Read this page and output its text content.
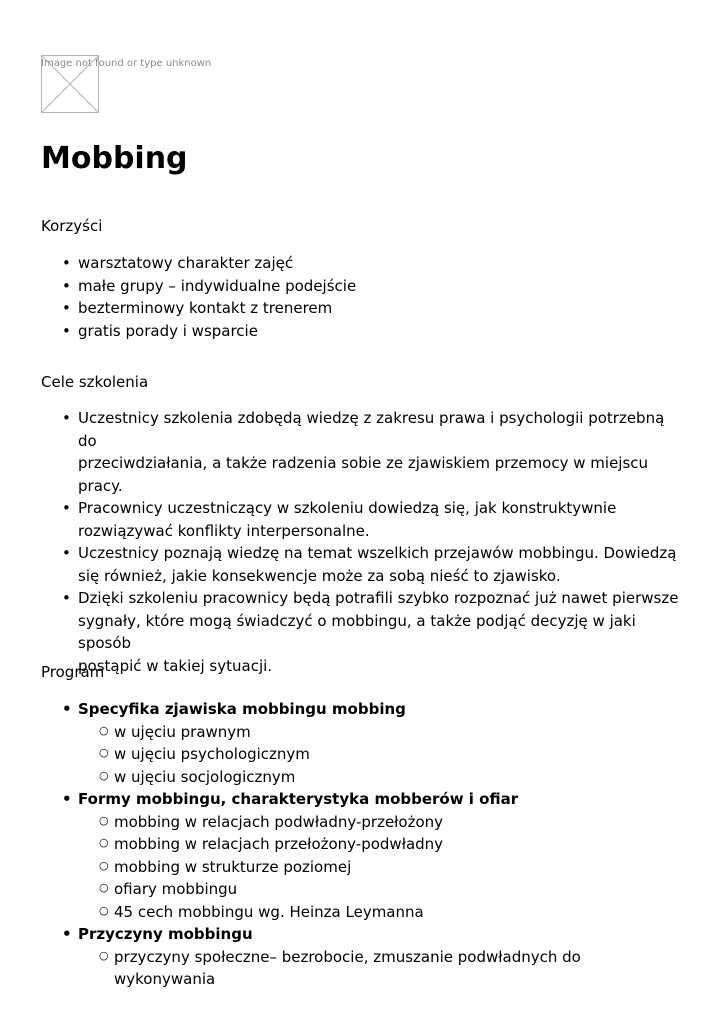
Image not found or type unknown
Mobbing

Korzyści

• warsztatowy charakter zajęć
• małe grupy – indywidualne podejście
• bezterminowy kontakt z trenerem
• gratis porady i wsparcie

Cele szkolenia

• Uczestnicy szkolenia zdobędą wiedzę z zakresu prawa i psychologii potrzebną do
przeciwdziałania, a także radzenia sobie ze zjawiskiem przemocy w miejscu
pracy.
• Pracownicy uczestniczący w szkoleniu dowiedzą się, jak konstruktywnie
rozwiązywać konflikty interpersonalne.
• Uczestnicy poznają wiedzę na temat wszelkich przejawów mobbingu. Dowiedzą
się również, jakie konsekwencje może za sobą nieść to zjawisko.
• Dzięki szkoleniu pracownicy będą potrafili szybko rozpoznać już nawet pierwsze
sygnały, które mogą świadczyć o mobbingu, a także podjąć decyzję w jaki sposób
postąpić w takiej sytuacji.

Program

• Specyfika zjawiska mobbingu mobbing
○ w ujęciu prawnym
○ w ujęciu psychologicznym
○ w ujęciu socjologicznym
• Formy mobbingu, charakterystyka mobberów i ofiar
○ mobbing w relacjach podwładny-przełożony
○ mobbing w relacjach przełożony-podwładny
○ mobbing w strukturze poziomej
○ ofiary mobbingu
○ 45 cech mobbingu wg. Heinza Leymanna
• Przyczyny mobbingu
○ przyczyny społeczne– bezrobocie, zmuszanie podwładnych do wykonywania
